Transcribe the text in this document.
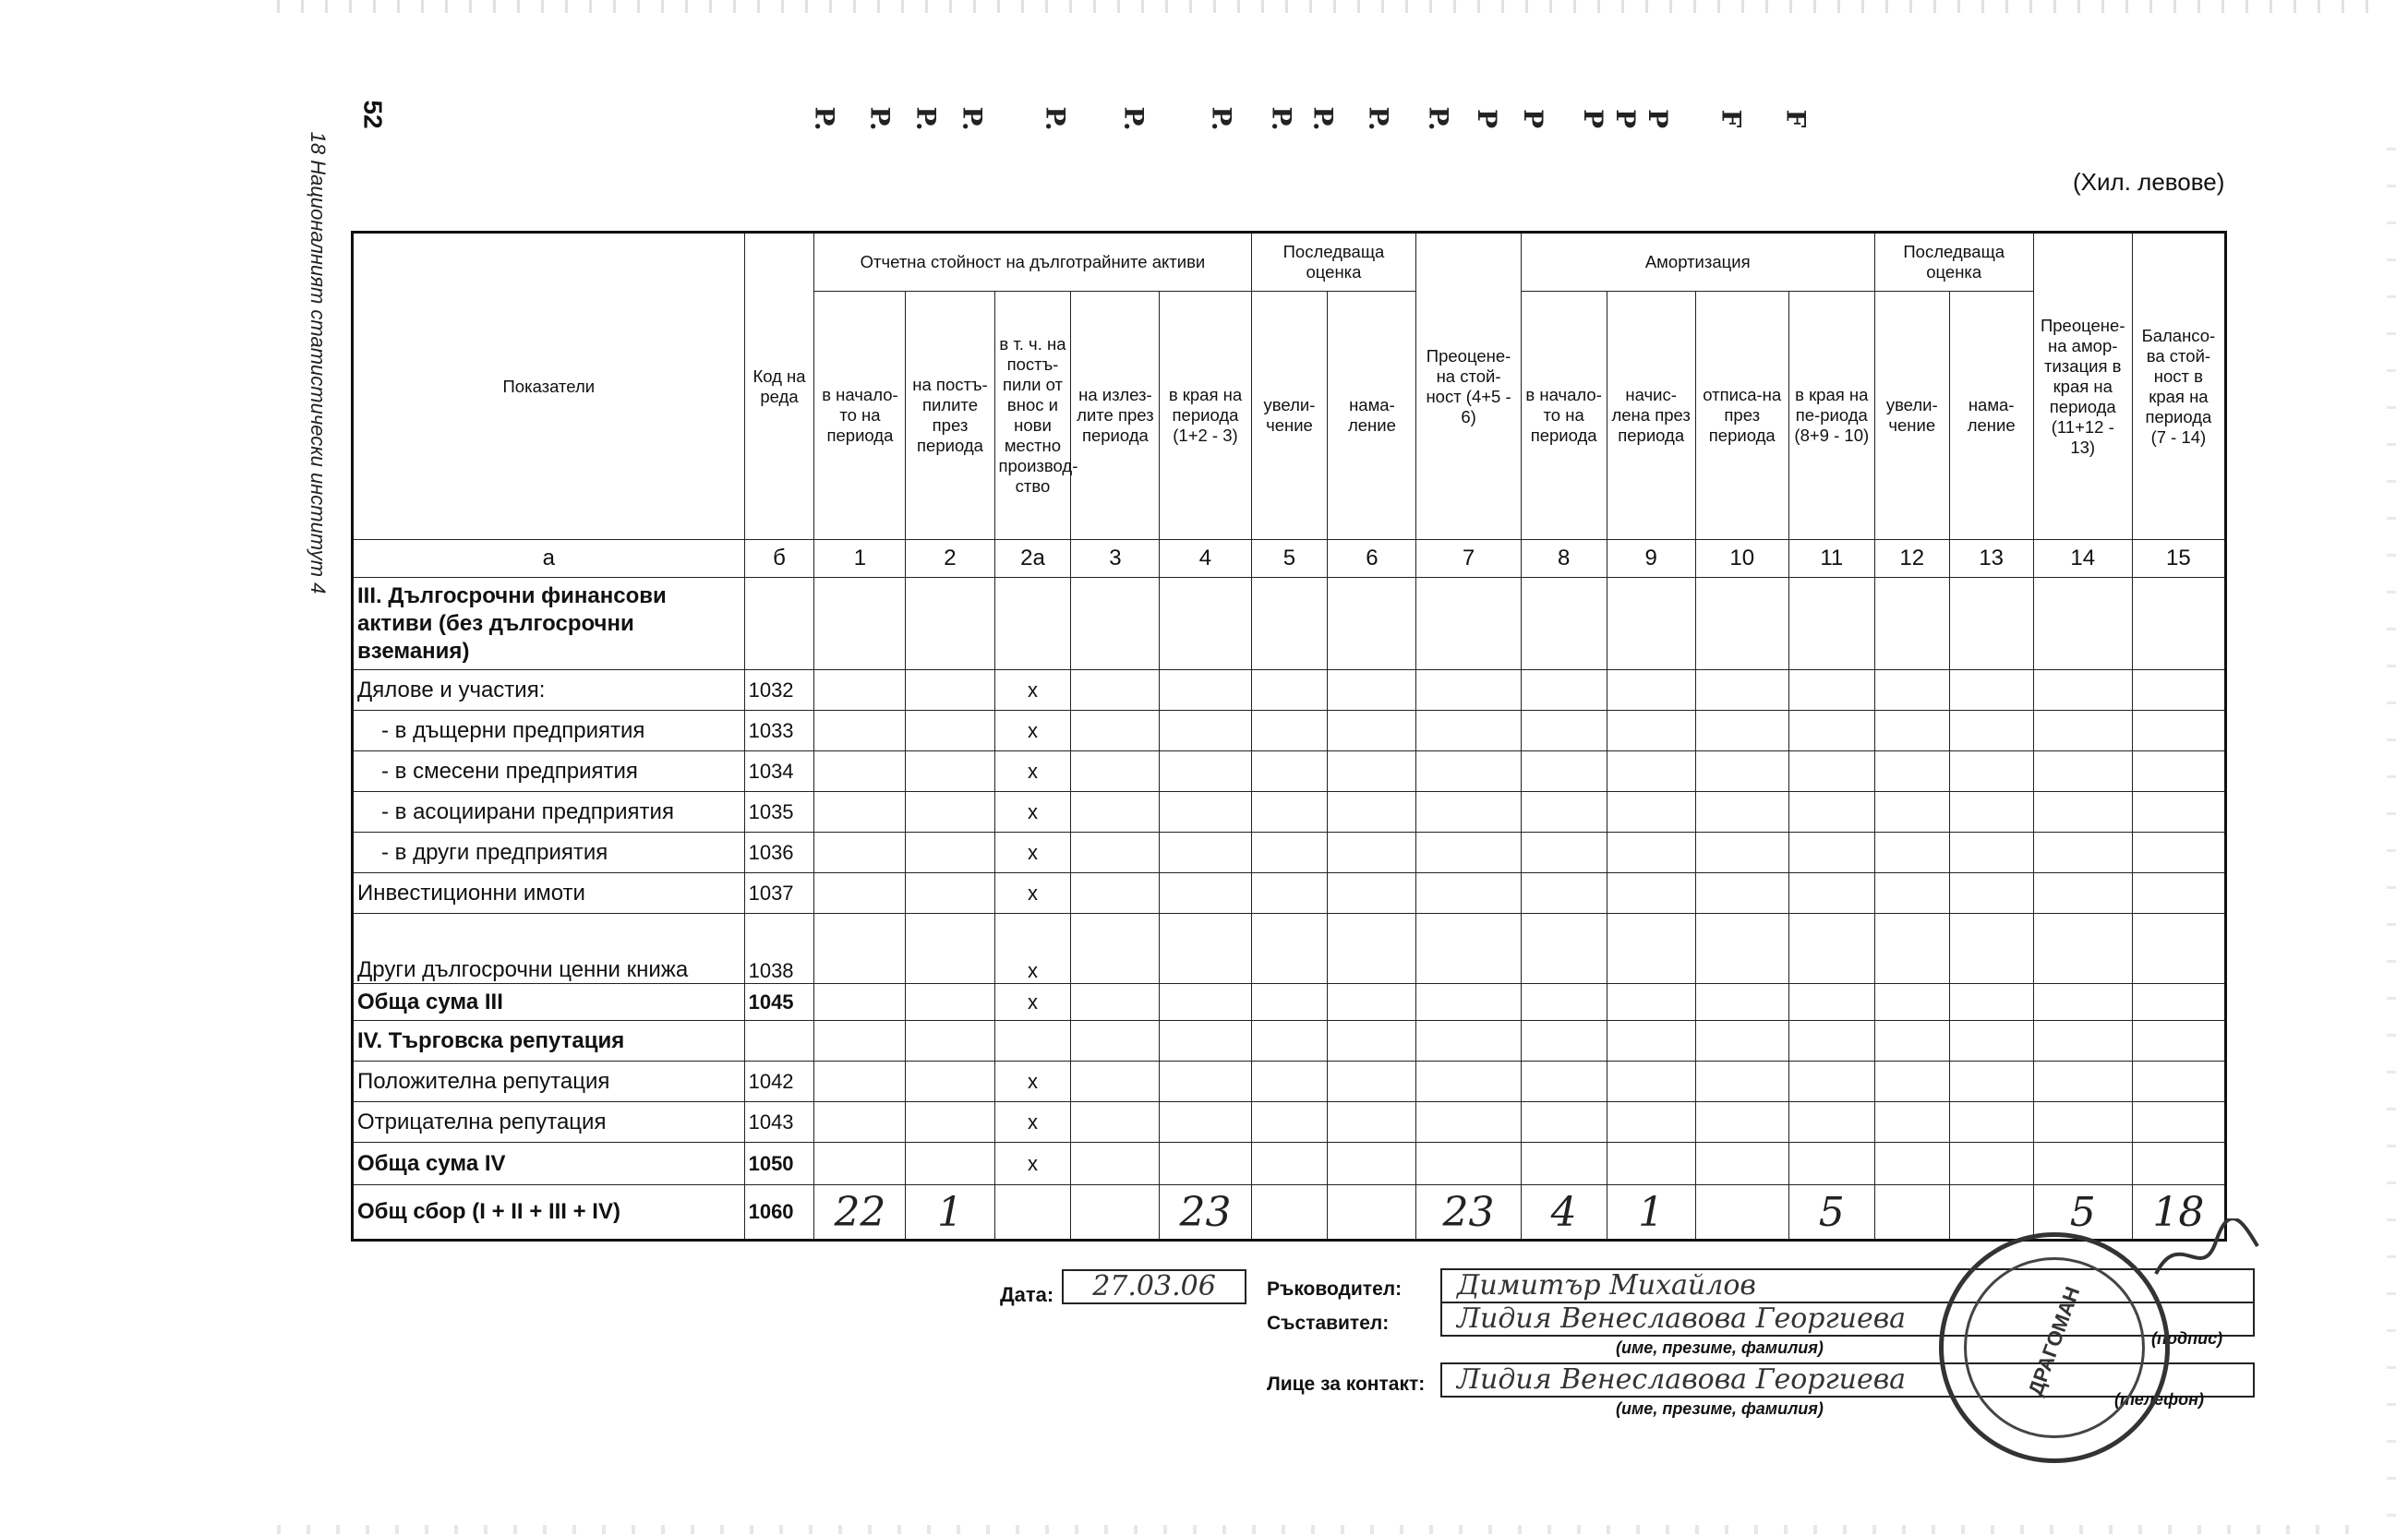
52
18 Националният статистически институт 4
P. P. P. P. P. P. P. P. P. P. P. P P P P P F F
(Хил. левове)
Показатели	Код на реда	Отчетна стойност на дълготрайните активи					Последваща оценка		Преоцене-на стой-ност (4+5 - 6)	Амортизация				Последваща оценка		Преоцене-на амор-тизация в края на периода (11+12 - 13)	Балансо-ва стой-ност в края на периода (7 - 14)
		в начало-то на периода	на постъ-пилите през периода	в т. ч. на постъ-пили от внос и нови местно производ-ство	на излез-лите през периода	в края на периода (1+2 - 3)	увели-чение	нама-ление		в начало-то на периода	начис-лена през периода	отписа-на през периода	в края на пе-риода (8+9 - 10)	увели-чение	нама-ление		
а	б	1	2	2а	3	4	5	6	7	8	9	10	11	12	13	14	15
III. Дългосрочни финансови активи (без дългосрочни вземания)																	
Дялове и участия:	1032			x													
- в дъщерни предприятия	1033			x													
- в смесени предприятия	1034			x													
- в асоциирани предприятия	1035			x													
- в други предприятия	1036			x													
Инвестиционни имоти	1037			x													
Други дългосрочни ценни книжа	1038			x													
Обща сума III	1045			x													
IV. Търговска репутация																	
Положителна репутация	1042			x													
Отрицателна репутация	1043			x													
Обща сума IV	1050			x													
Общ сбор (I + II + III + IV)	1060	22	1			23			23	4	1		5			5	18
Дата:	27.03.06	Ръководител:	Димитър Михайлов
Съставител:	Лидия Венеславова Георгиева
(име, презиме, фамилия)	(подпис)
Лице за контакт:	Лидия Венеславова Георгиева
(име, презиме, фамилия)	(телефон)
ДРАГОМАН
